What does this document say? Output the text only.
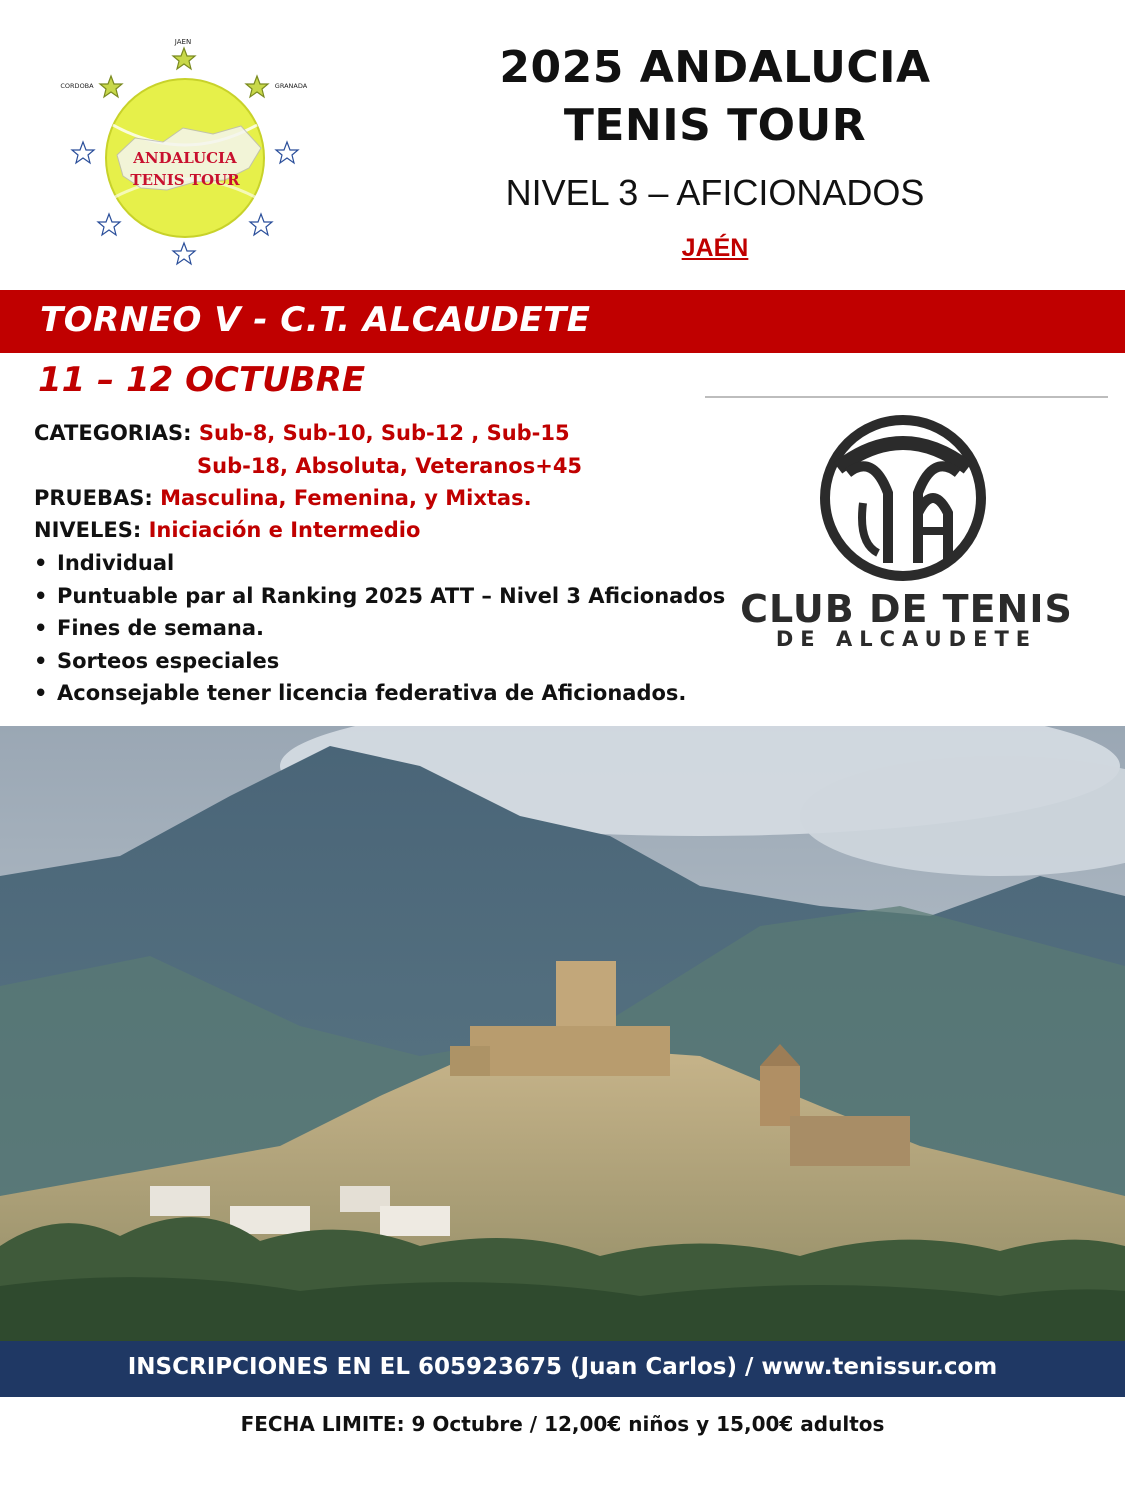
JAEN
CORDOBA	GRANADA
ANDALUCIA
TENIS TOUR
2025 ANDALUCIA
TENIS TOUR
NIVEL 3 – AFICIONADOS
JAÉN
TORNEO V - C.T. ALCAUDETE
11 – 12 OCTUBRE
CATEGORIAS: Sub-8, Sub-10, Sub-12 , Sub-15
Sub-18, Absoluta, Veteranos+45
PRUEBAS: Masculina, Femenina, y Mixtas.
NIVELES: Iniciación e Intermedio
• Individual
• Puntuable par al Ranking 2025 ATT – Nivel 3 Aficionados
• Fines de semana.
• Sorteos especiales
• Aconsejable tener licencia federativa de Aficionados.
CLUB DE TENIS
DE ALCAUDETE
INSCRIPCIONES EN EL 605923675 (Juan Carlos) / www.tenissur.com
FECHA LIMITE: 9 Octubre / 12,00€ niños y 15,00€ adultos
